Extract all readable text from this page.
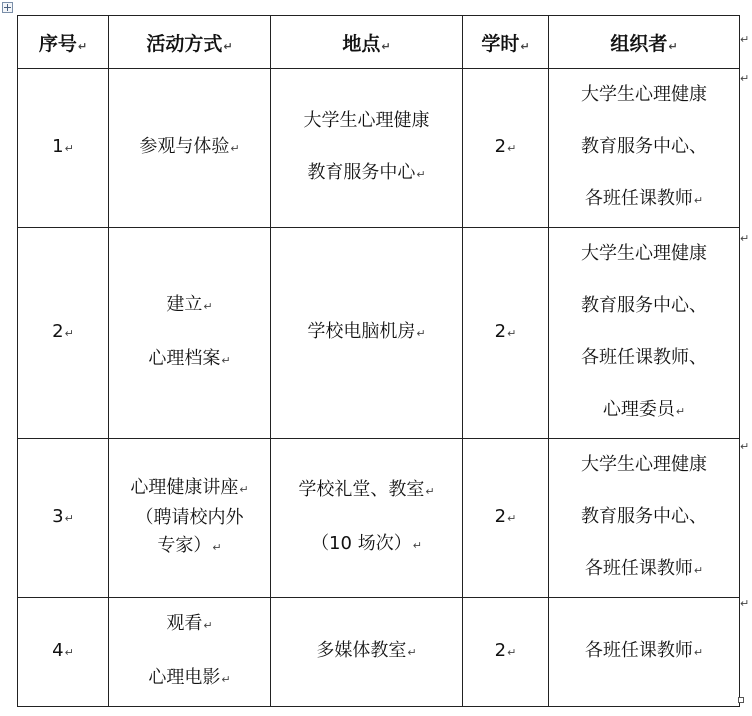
序号↵	活动方式↵	地点↵	学时↵	组织者↵
1↵	参观与体验↵	大学生心理健康
教育服务中心↵	2↵	大学生心理健康
教育服务中心、
各班任课教师↵

2↵	建立↵
心理档案↵	学校电脑机房↵	2↵	大学生心理健康
教育服务中心、
各班任课教师、
心理委员↵

3↵	心理健康讲座↵
（聘请校内外
专家）↵	学校礼堂、教室↵
（10 场次）↵	2↵	大学生心理健康
教育服务中心、
各班任课教师↵

4↵	观看↵
心理电影↵	多媒体教室↵	2↵	各班任课教师↵
↵
↵
↵
↵
↵
